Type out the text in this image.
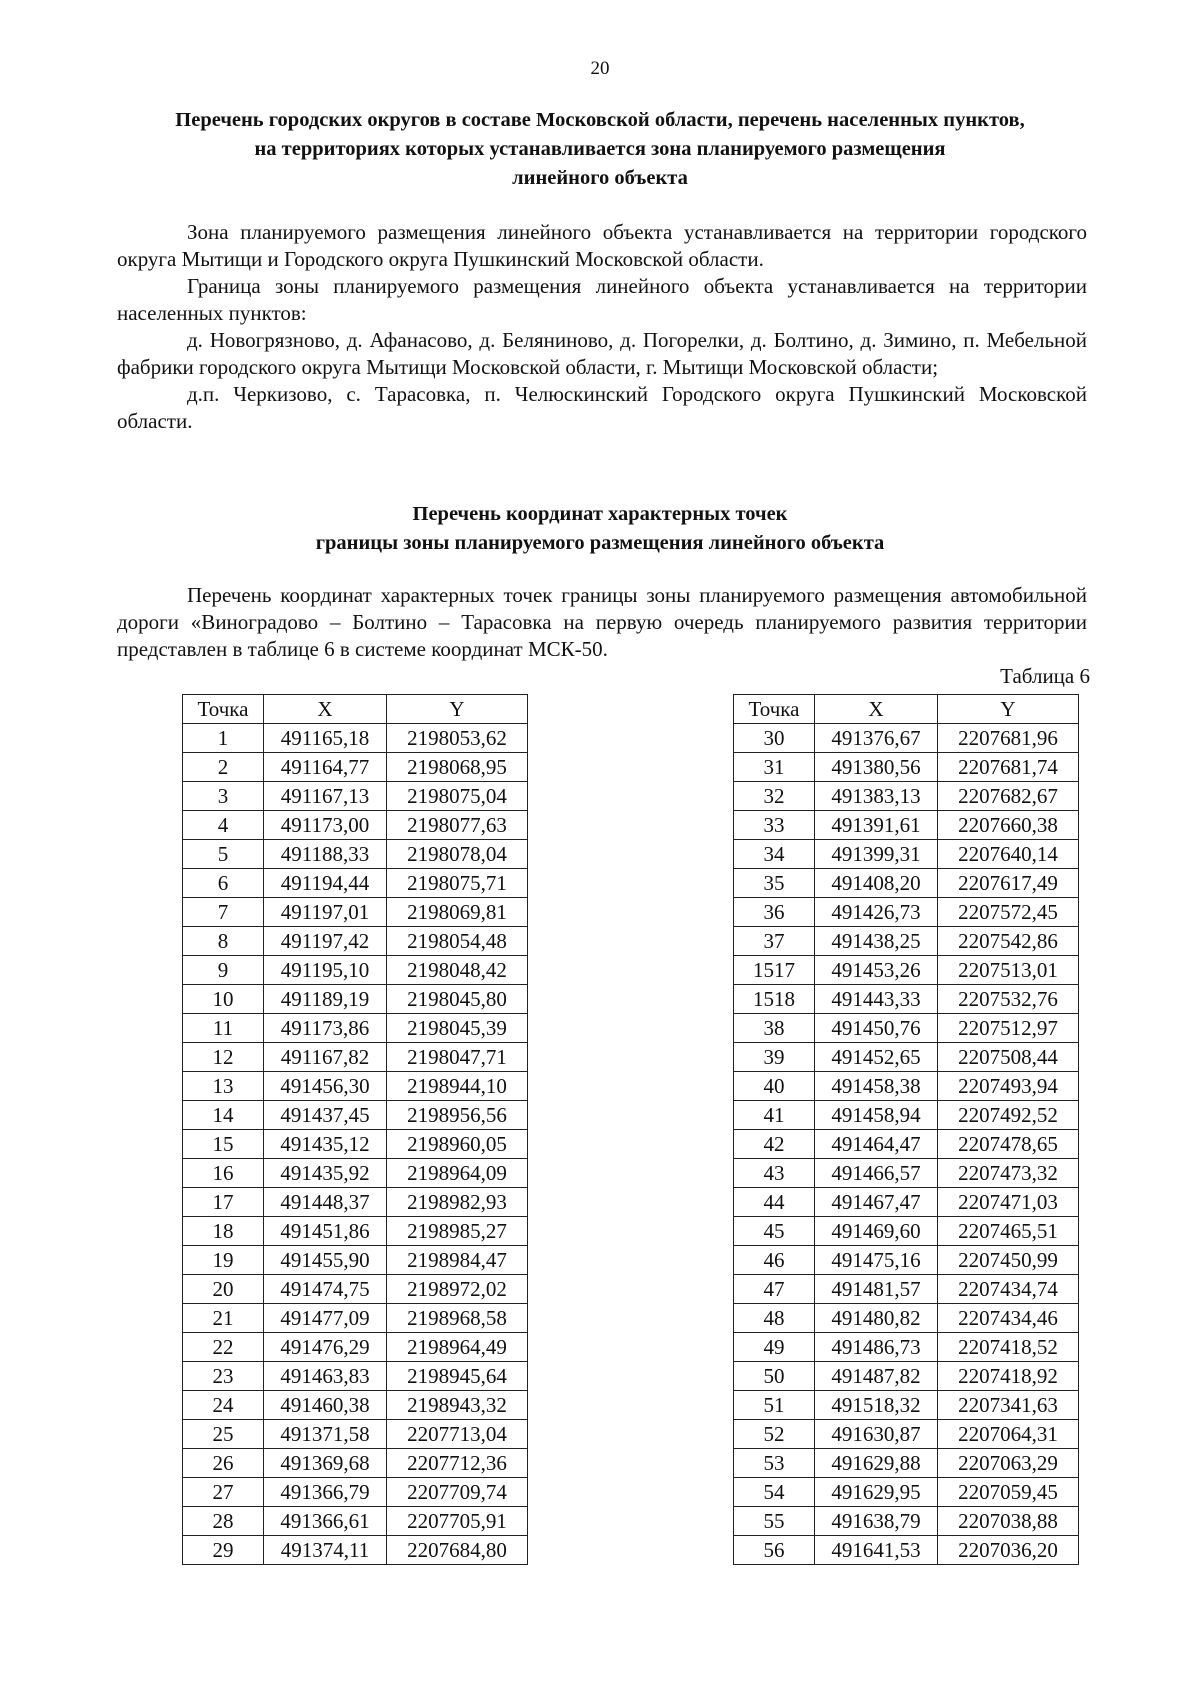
20
Перечень городских округов в составе Московской области, перечень населенных пунктов,
на территориях которых устанавливается зона планируемого размещения
линейного объекта

Зона планируемого размещения линейного объекта устанавливается на территории городского округа Мытищи и Городского округа Пушкинский Московской области.

Граница зоны планируемого размещения линейного объекта устанавливается на территории населенных пунктов:

д. Новогрязново, д. Афанасово, д. Беляниново, д. Погорелки, д. Болтино, д. Зимино, п. Мебельной фабрики городского округа Мытищи Московской области, г. Мытищи Московской области;

д.п. Черкизово, с. Тарасовка, п. Челюскинский Городского округа Пушкинский Московской области.

Перечень координат характерных точек
границы зоны планируемого размещения линейного объекта

Перечень координат характерных точек границы зоны планируемого размещения автомобильной дороги «Виноградово – Болтино – Тарасовка на первую очередь планируемого развития территории представлен в таблице 6 в системе координат МСК-50.

Таблица 6
Точка	X	Y
1	491165,18	2198053,62
2	491164,77	2198068,95
3	491167,13	2198075,04
4	491173,00	2198077,63
5	491188,33	2198078,04
6	491194,44	2198075,71
7	491197,01	2198069,81
8	491197,42	2198054,48
9	491195,10	2198048,42
10	491189,19	2198045,80
11	491173,86	2198045,39
12	491167,82	2198047,71
13	491456,30	2198944,10
14	491437,45	2198956,56
15	491435,12	2198960,05
16	491435,92	2198964,09
17	491448,37	2198982,93
18	491451,86	2198985,27
19	491455,90	2198984,47
20	491474,75	2198972,02
21	491477,09	2198968,58
22	491476,29	2198964,49
23	491463,83	2198945,64
24	491460,38	2198943,32
25	491371,58	2207713,04
26	491369,68	2207712,36
27	491366,79	2207709,74
28	491366,61	2207705,91
29	491374,11	2207684,80
Точка	X	Y
30	491376,67	2207681,96
31	491380,56	2207681,74
32	491383,13	2207682,67
33	491391,61	2207660,38
34	491399,31	2207640,14
35	491408,20	2207617,49
36	491426,73	2207572,45
37	491438,25	2207542,86
1517	491453,26	2207513,01
1518	491443,33	2207532,76
38	491450,76	2207512,97
39	491452,65	2207508,44
40	491458,38	2207493,94
41	491458,94	2207492,52
42	491464,47	2207478,65
43	491466,57	2207473,32
44	491467,47	2207471,03
45	491469,60	2207465,51
46	491475,16	2207450,99
47	491481,57	2207434,74
48	491480,82	2207434,46
49	491486,73	2207418,52
50	491487,82	2207418,92
51	491518,32	2207341,63
52	491630,87	2207064,31
53	491629,88	2207063,29
54	491629,95	2207059,45
55	491638,79	2207038,88
56	491641,53	2207036,20
